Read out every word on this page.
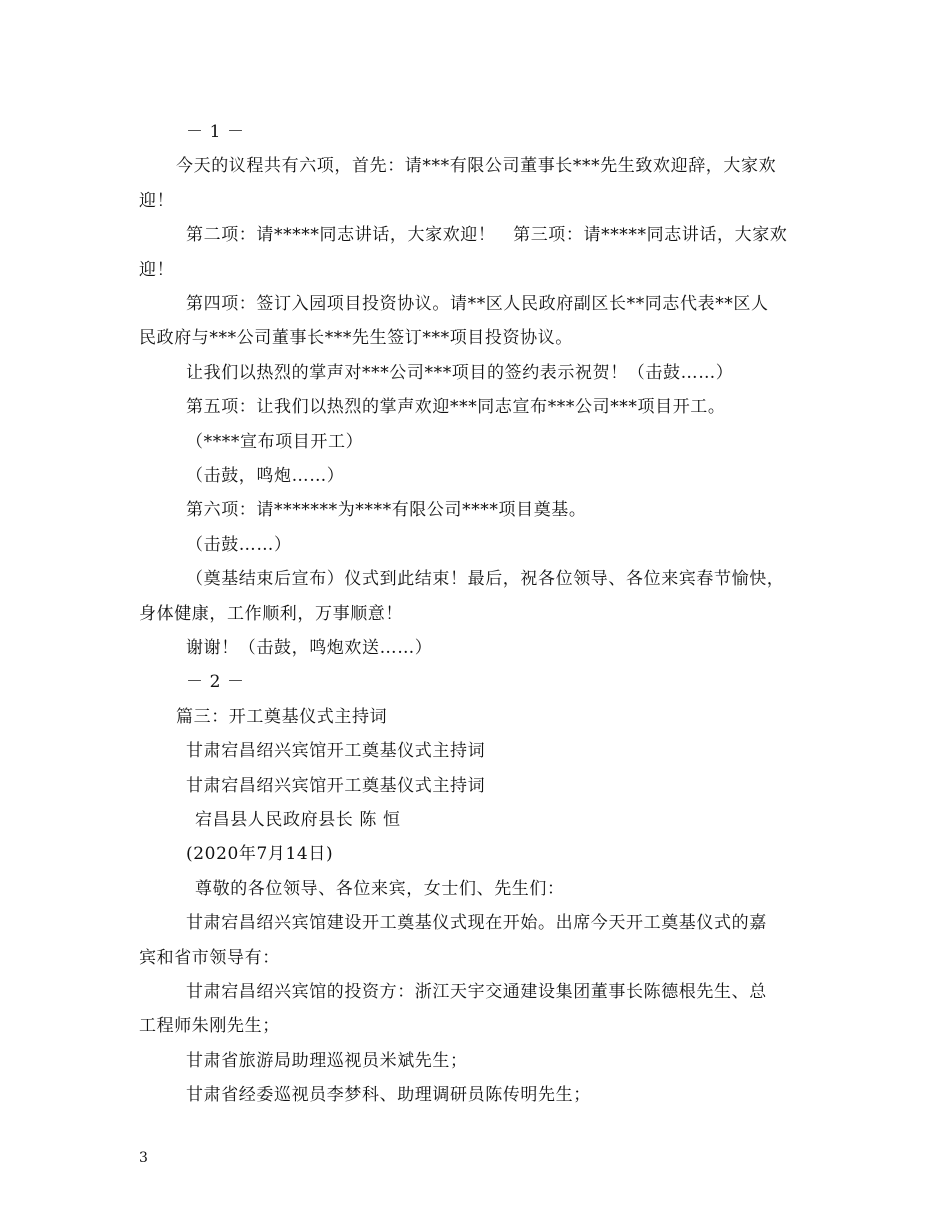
－ 1 －
今天的议程共有六项，首先：请***有限公司董事长***先生致欢迎辞，大家欢
迎！
第二项：请*****同志讲话，大家欢迎！　第三项：请*****同志讲话，大家欢
迎！
第四项：签订入园项目投资协议。请**区人民政府副区长**同志代表**区人
民政府与***公司董事长***先生签订***项目投资协议。
让我们以热烈的掌声对***公司***项目的签约表示祝贺！（击鼓……）
第五项：让我们以热烈的掌声欢迎***同志宣布***公司***项目开工。
（****宣布项目开工）
（击鼓，鸣炮……）
第六项：请*******为****有限公司****项目奠基。
（击鼓……）
（奠基结束后宣布）仪式到此结束！最后，祝各位领导、各位来宾春节愉快，
身体健康，工作顺利，万事顺意！
谢谢！（击鼓，鸣炮欢送……）
－ 2 －
篇三：开工奠基仪式主持词
甘肃宕昌绍兴宾馆开工奠基仪式主持词
甘肃宕昌绍兴宾馆开工奠基仪式主持词
宕昌县人民政府县长 陈 恒
(2020年7月14日)
尊敬的各位领导、各位来宾，女士们、先生们：
甘肃宕昌绍兴宾馆建设开工奠基仪式现在开始。出席今天开工奠基仪式的嘉
宾和省市领导有：
甘肃宕昌绍兴宾馆的投资方：浙江天宇交通建设集团董事长陈德根先生、总
工程师朱刚先生；
甘肃省旅游局助理巡视员米斌先生；
甘肃省经委巡视员李梦科、助理调研员陈传明先生；
3
